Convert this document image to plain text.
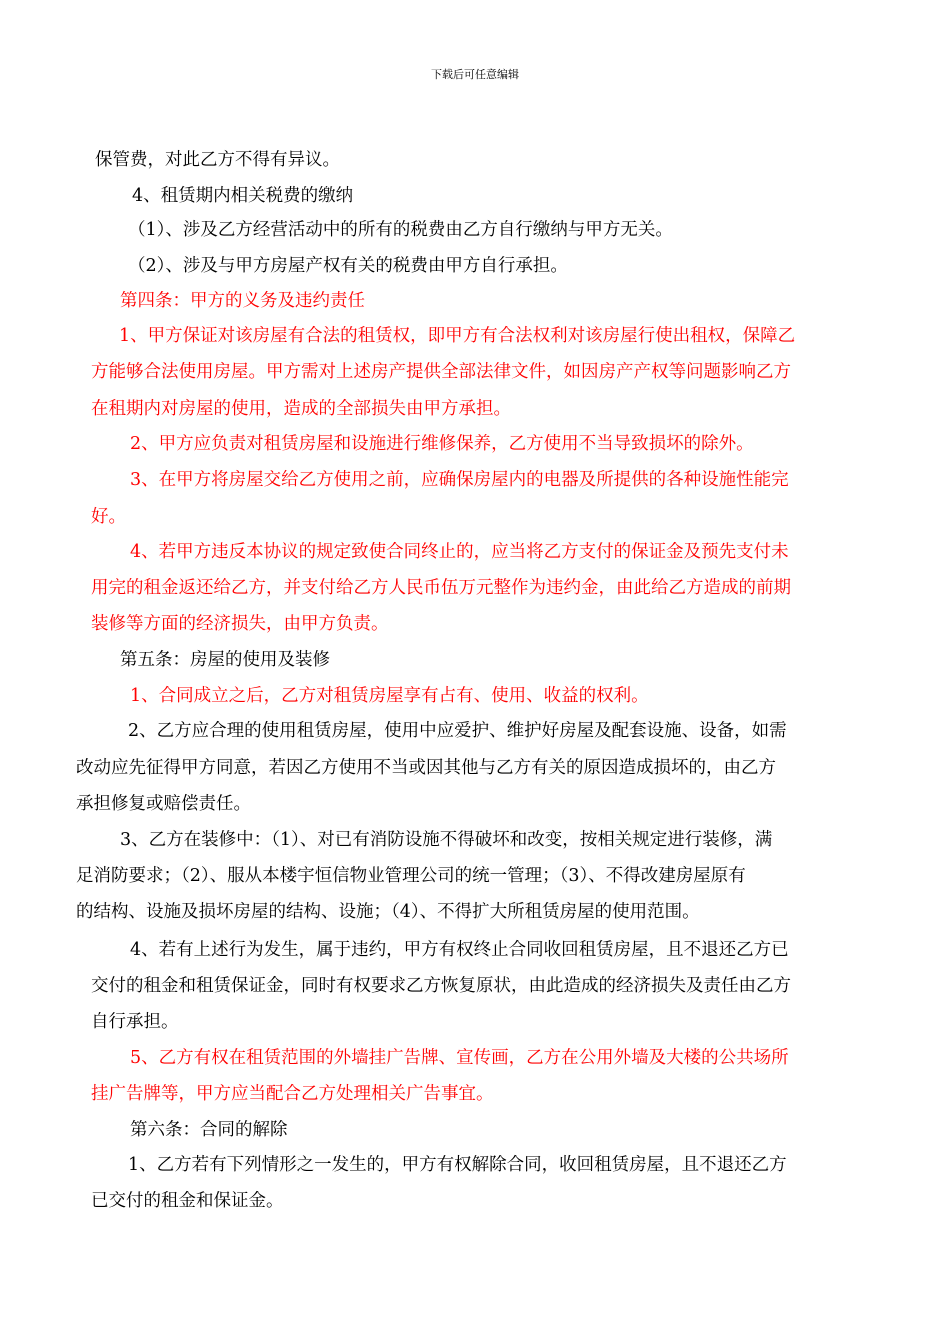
下载后可任意编辑
保管费，对此乙方不得有异议。
4、租赁期内相关税费的缴纳
（1）、涉及乙方经营活动中的所有的税费由乙方自行缴纳与甲方无关。
（2）、涉及与甲方房屋产权有关的税费由甲方自行承担。
第四条：甲方的义务及违约责任
1、甲方保证对该房屋有合法的租赁权，即甲方有合法权利对该房屋行使出租权，保障乙
方能够合法使用房屋。甲方需对上述房产提供全部法律文件，如因房产产权等问题影响乙方
在租期内对房屋的使用，造成的全部损失由甲方承担。
2、甲方应负责对租赁房屋和设施进行维修保养，乙方使用不当导致损坏的除外。
3、在甲方将房屋交给乙方使用之前，应确保房屋内的电器及所提供的各种设施性能完
好。
4、若甲方违反本协议的规定致使合同终止的，应当将乙方支付的保证金及预先支付未
用完的租金返还给乙方，并支付给乙方人民币伍万元整作为违约金，由此给乙方造成的前期
装修等方面的经济损失，由甲方负责。
第五条：房屋的使用及装修
1、合同成立之后，乙方对租赁房屋享有占有、使用、收益的权利。
2、乙方应合理的使用租赁房屋，使用中应爱护、维护好房屋及配套设施、设备，如需
改动应先征得甲方同意，若因乙方使用不当或因其他与乙方有关的原因造成损坏的，由乙方
承担修复或赔偿责任。
3、乙方在装修中：（1）、对已有消防设施不得破坏和改变，按相关规定进行装修，满
足消防要求；（2）、服从本楼宇恒信物业管理公司的统一管理；（3）、不得改建房屋原有
的结构、设施及损坏房屋的结构、设施；（4）、不得扩大所租赁房屋的使用范围。
4、若有上述行为发生，属于违约，甲方有权终止合同收回租赁房屋，且不退还乙方已
交付的租金和租赁保证金，同时有权要求乙方恢复原状，由此造成的经济损失及责任由乙方
自行承担。
5、乙方有权在租赁范围的外墙挂广告牌、宣传画，乙方在公用外墙及大楼的公共场所
挂广告牌等，甲方应当配合乙方处理相关广告事宜。
第六条：合同的解除
1、乙方若有下列情形之一发生的，甲方有权解除合同，收回租赁房屋，且不退还乙方
已交付的租金和保证金。
